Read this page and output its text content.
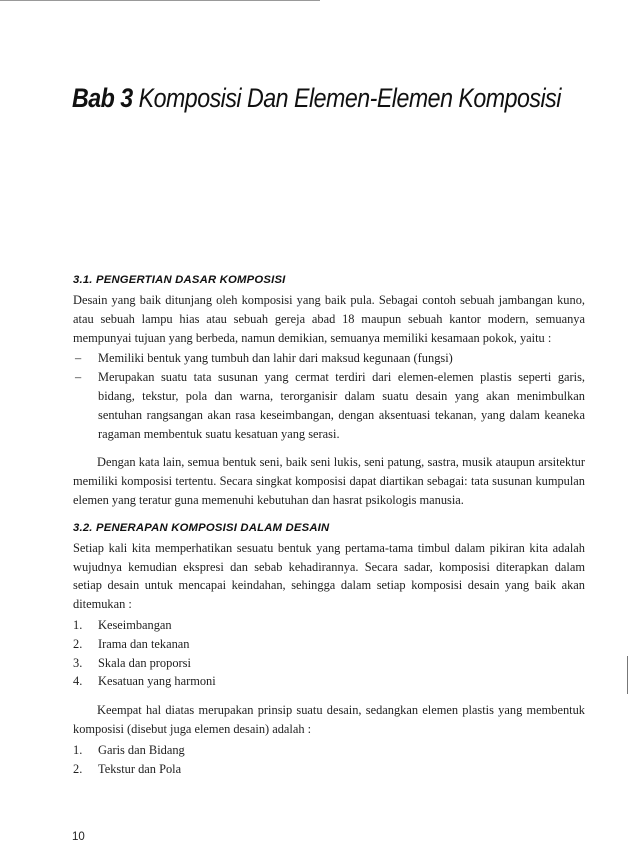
Bab 3 Komposisi Dan Elemen-Elemen Komposisi
3.1. PENGERTIAN DASAR KOMPOSISI

Desain yang baik ditunjang oleh komposisi yang baik pula. Sebagai contoh sebuah jambangan kuno, atau sebuah lampu hias atau sebuah gereja abad 18 maupun sebuah kantor modern, semuanya mempunyai tujuan yang berbeda, namun demikian, semuanya memiliki kesamaan pokok, yaitu :

– Memiliki bentuk yang tumbuh dan lahir dari maksud kegunaan (fungsi)
– Merupakan suatu tata susunan yang cermat terdiri dari elemen-elemen plastis seperti garis, bidang, tekstur, pola dan warna, terorganisir dalam suatu desain yang akan menimbulkan sentuhan rangsangan akan rasa keseimbangan, dengan aksentuasi tekanan, yang dalam keaneka ragaman membentuk suatu kesatuan yang serasi.

Dengan kata lain, semua bentuk seni, baik seni lukis, seni patung, sastra, musik ataupun arsitektur memiliki komposisi tertentu. Secara singkat komposisi dapat diartikan sebagai: tata susunan kumpulan elemen yang teratur guna memenuhi kebutuhan dan hasrat psikologis manusia.

3.2. PENERAPAN KOMPOSISI DALAM DESAIN

Setiap kali kita memperhatikan sesuatu bentuk yang pertama-tama timbul dalam pikiran kita adalah wujudnya kemudian ekspresi dan sebab kehadirannya. Secara sadar, komposisi diterapkan dalam setiap desain untuk mencapai keindahan, sehingga dalam setiap komposisi desain yang baik akan ditemukan :

1. Keseimbangan
2. Irama dan tekanan
3. Skala dan proporsi
4. Kesatuan yang harmoni

Keempat hal diatas merupakan prinsip suatu desain, sedangkan elemen plastis yang membentuk komposisi (disebut juga elemen desain) adalah :

1. Garis dan Bidang
2. Tekstur dan Pola
10
